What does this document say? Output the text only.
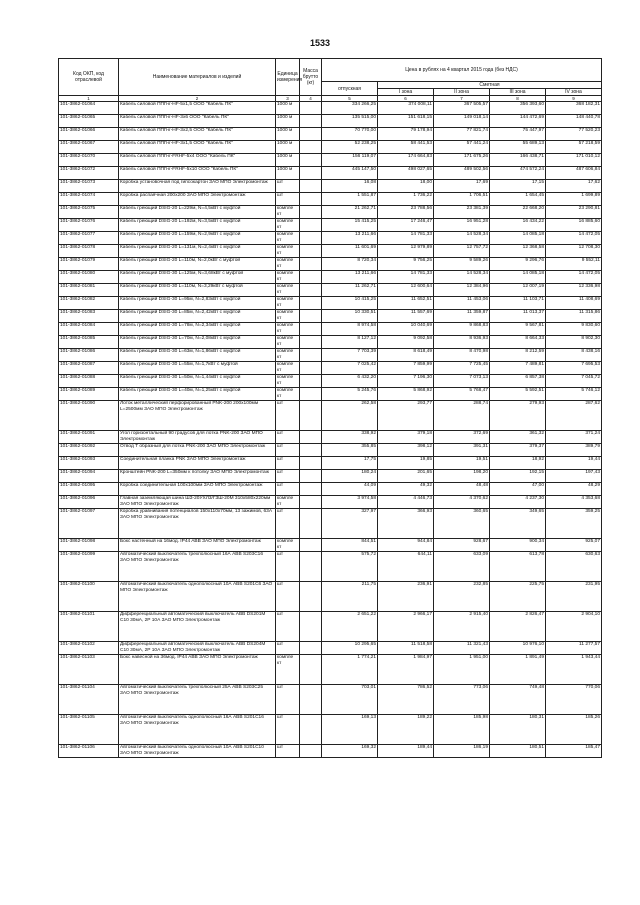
1533
Код ОКП, код отраслевой	Наименование материалов и изделий	Единица измерения	Масса брутто (кг)	Цена в рублях на 4 квартал 2015 года (без НДС)				
				отпускная	Сметная			
					I зона	II зона	III зона	IV зона
1	2	3	4	5	6	7	8	9
101-3862-01064	Кабель силовой ППГнг-HF-5х1,5 ООО "Кабель ПК"	1000 м		334 266,25	374 008,11	367 505,57	356 393,60	368 182,31
101-3862-01065	Кабель силовой ППГнг-HF-3х6 ООО "Кабель ПК"	1000 м		135 515,00	151 618,15	149 018,14	144 472,69	148 440,78
101-3862-01066	Кабель силовой ППГнг-HF-3х2,5 ООО "Кабель ПК"	1000 м		70 770,00	79 178,94	77 821,74	75 447,97	77 520,23
101-3862-01067	Кабель силовой ППГнг-HF-3х1,5 ООО "Кабель ПК"	1000 м		52 238,25	58 441,53	57 441,24	55 689,13	57 218,59
101-3862-01070	Кабель силовой ППГнг-FRHF-5х4 ООО "Кабель ПК"	1000 м		156 119,07	174 664,83	171 675,26	166 438,71	171 010,12
101-3862-01072	Кабель силовой ППГнг-FRHF-5х10 ООО "Кабель ПК"	1000 м		445 147,50	498 027,65	489 502,56	474 572,24	487 606,84
101-3862-01073	Коробка установочная под гипсокартон ЗАО МПО Электромонтаж	шт		16,08	18,00	17,69	17,15	17,62
101-3862-01074	Коробка распаячная 200х200 ЗАО МПО Электромонтаж	шт		1 551,87	1 736,22	1 706,51	1 654,45	1 699,89
101-3862-01075	Кабель греющий DSIG-20 L=229м, N=4,5кВт с муфтой	компле кт		21 262,71	23 788,56	23 381,39	22 668,20	23 290,81
101-3862-01076	Кабель греющий DSIG-20 L=192м, N=3,5кВт с муфтой	компле кт		15 415,25	17 246,47	16 951,28	16 434,22	16 885,60
101-3862-01077	Кабель греющий DSIG-20 L=159м, N=2,9кВт с муфтой	компле кт		13 211,66	14 781,33	14 528,34	14 085,18	14 472,05
101-3862-01078	Кабель греющий DSIG-20 L=131м, N=2,4кВт с муфтой	компле кт		11 601,69	12 979,89	12 757,72	12 368,58	12 708,30
101-3862-01079	Кабель греющий DSIG-20 L=110м, N=2,0кВт с муфтой	компле кт		8 720,34	9 756,25	9 589,26	9 296,76	9 552,11
101-3862-01080	Кабель греющий DSIG-30 L=125м, N=3,68кВт с муфтой	компле кт		13 211,66	14 781,33	14 528,34	14 085,18	14 472,05
101-3862-01081	Кабель греющий DSIG-30 L=110м, N=3,29кВт с муфтой	компле кт		11 262,71	12 600,64	12 384,96	12 007,19	12 336,98
101-3862-01082	Кабель греющий DSIG-30 L=95м, N=2,83кВт с муфтой	компле кт		10 415,25	11 652,51	11 453,06	11 103,71	11 408,69
101-3862-01083	Кабель греющий DSIG-30 L=85м, N=2,42кВт с муфтой	компле кт		10 330,51	11 557,69	11 359,87	11 013,37	11 315,86
101-3862-01084	Кабель греющий DSIG-30 L=78м, N=2,34кВт с муфтой	компле кт		8 974,58	10 040,69	9 868,83	9 567,81	9 830,60
101-3862-01085	Кабель греющий DSIG-30 L=70м, N=2,08кВт с муфтой	компле кт		8 127,12	9 092,58	8 936,93	8 664,33	8 902,30
101-3862-01086	Кабель греющий DSIG-30 L=63м, N=1,86кВт с муфтой	компле кт		7 703,39	8 618,49	8 470,98	8 212,59	8 438,16
101-3862-01087	Кабель греющий DSIG-30 L=55м, N=1,7кВт с муфтой	компле кт		7 025,42	7 859,99	7 725,45	7 489,81	7 695,53
101-3862-01088	Кабель греющий DSIG-30 L=50м, N=1,44кВт с муфтой	компле кт		6 432,20	7 196,30	7 073,13	6 857,38	7 045,72
101-3862-01089	Кабель греющий DSIG-30 L=40м, N=1,25кВт с муфтой	компле кт		5 245,76	5 868,92	5 768,47	5 592,51	5 746,12
101-3862-01090	Лоток металлический перфорированный PNK-200 200х100мм L=2500мм ЗАО МПО Электромонтаж	шт		262,58	293,77	288,74	279,93	287,62
101-3862-01091	Угол горизонтальный 90 градусов для лотка PNK-200 ЗАО МПО Электромонтаж	шт		338,92	379,18	372,69	361,32	371,24
101-3862-01092	Отвод Т образный для лотка PNK-200 ЗАО МПО Электромонтаж	шт		355,85	398,12	391,31	379,37	389,79
101-3862-01093	Соединительная планка PNK ЗАО МПО Электромонтаж	шт		17,75	19,85	19,51	18,92	19,44
101-3862-01094	Кронштейн PNK-200 L=350мм к потолку ЗАО МПО Электромонтаж	шт		180,24	201,65	198,20	192,15	197,43
101-3862-01095	Коробка соединительная 100х100мм ЗАО МПО Электромонтаж	шт		44,09	49,32	48,48	47,00	48,29
101-3862-01096	Главная заземляющая шина ШЗ-20УХЛ3/ГЗШ-20М 310х580х220мм ЗАО МПО Электромонтаж	компле кт		3 974,58	4 446,73	4 370,62	4 237,30	4 353,68
101-3862-01097	Коробка уравнивания потенциалов 150х110х70мм, 13 зажимов, 63А ЗАО МПО Электромонтаж	шт		327,97	366,93	360,65	349,65	359,25
101-3862-01098	Бокс настенный на 16мод. IP44 ABB ЗАО МПО Электромонтаж	компле кт		844,51	944,84	928,67	900,34	925,07
101-3862-01099	Автоматический выключатель трехполюсный 16А ABB S203C16 ЗАО МПО Электромонтаж	шт		575,72	644,11	633,09	613,78	630,63
101-3862-01100	Автоматический выключатель однополюсный 10А ABB S201C6 ЗАО МПО Электромонтаж	шт		211,75	236,91	232,85	225,75	231,95
101-3862-01101	Дифференциальный автоматический выключатель ABB DS201M C10 30мА, 2P 10А ЗАО МПО Электромонтаж	шт		2 651,22	2 966,17	2 915,40	2 826,47	2 904,10
101-3862-01102	Дифференциальный автоматический выключатель ABB DS204M C10 30мА, 2P 10А ЗАО МПО Электромонтаж	шт		10 295,65	11 518,58	11 321,43	10 976,10	11 277,57
101-3862-01103	Бокс навесной на 36мод. IP44 ABB ЗАО МПО Электромонтаж	компле кт		1 774,21	1 984,97	1 951,00	1 891,49	1 943,44
101-3862-01104	Автоматический выключатель трехполюсный 25А ABB S203C25 ЗАО МПО Электромонтаж	шт		703,01	786,52	773,06	749,48	770,06
101-3862-01105	Автоматический выключатель однополюсный 16А ABB S201C16 ЗАО МПО Электромонтаж	шт		169,13	189,22	185,98	180,31	185,26
101-3862-01106	Автоматический выключатель однополюсный 10А ABB S201C10 ЗАО МПО Электромонтаж	шт		169,32	189,44	186,19	180,51	185,47
